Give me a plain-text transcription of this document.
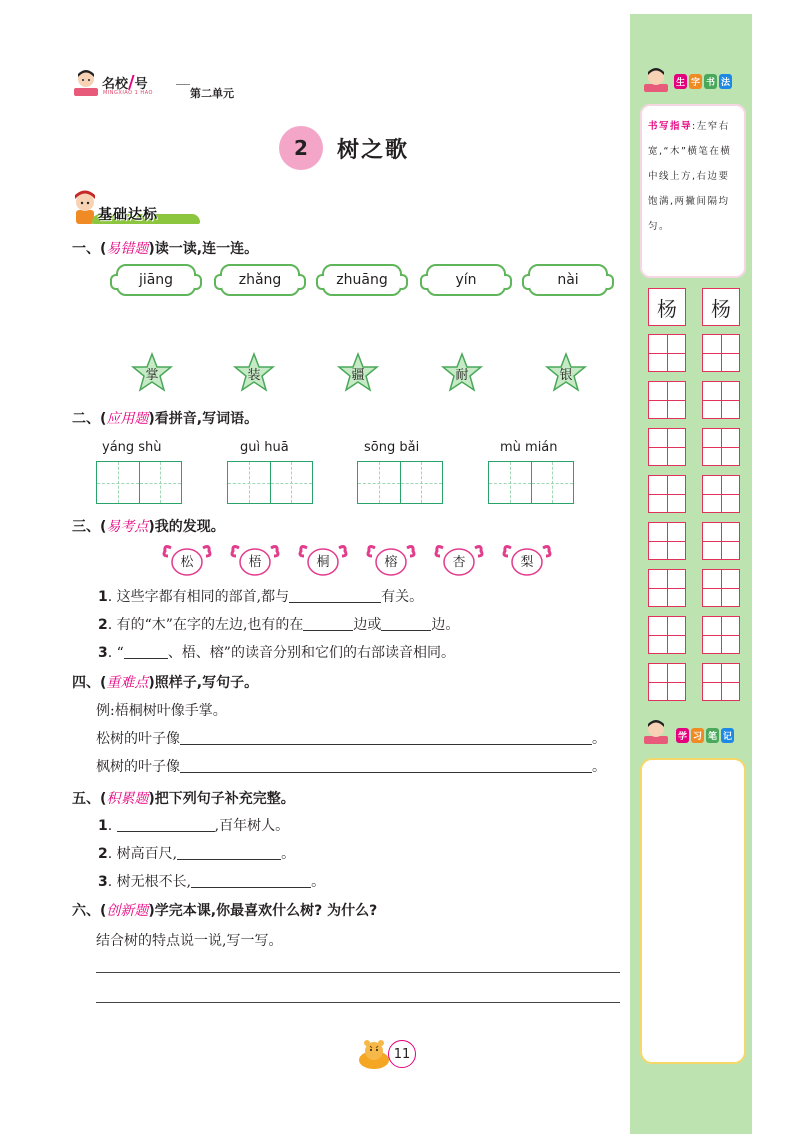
名校/号
MINGXIAO 1 HAO	第二单元
2	树之歌
基础达标
一、(易错题)读一读,连一连。
jiāng	zhǎng	zhuāng	yín	nài
掌	装	疆	耐	银
二、(应用题)看拼音,写词语。
yáng shù	guì huā	sōng bǎi	mù mián
三、(易考点)我的发现。
松	梧	桐	榕	杏	梨
1. 这些字都有相同的部首,都与	有关。
2. 有的“木”在字的左边,也有的在	边或	边。
3. “	、梧、榕”的读音分别和它们的右部读音相同。
四、(重难点)照样子,写句子。
例:梧桐树叶像手掌。
松树的叶子像	。
枫树的叶子像	。
五、(积累题)把下列句子补充完整。
1.	,百年树人。
2. 树高百尺,	。
3. 树无根不长,	。
六、(创新题)学完本课,你最喜欢什么树? 为什么?
结合树的特点说一说,写一写。
11
生 字 书 法
书写指导:左窄右宽,“木”横笔在横中线上方,右边要饱满,两撇间隔均匀。
杨	杨
学 习 笔 记
